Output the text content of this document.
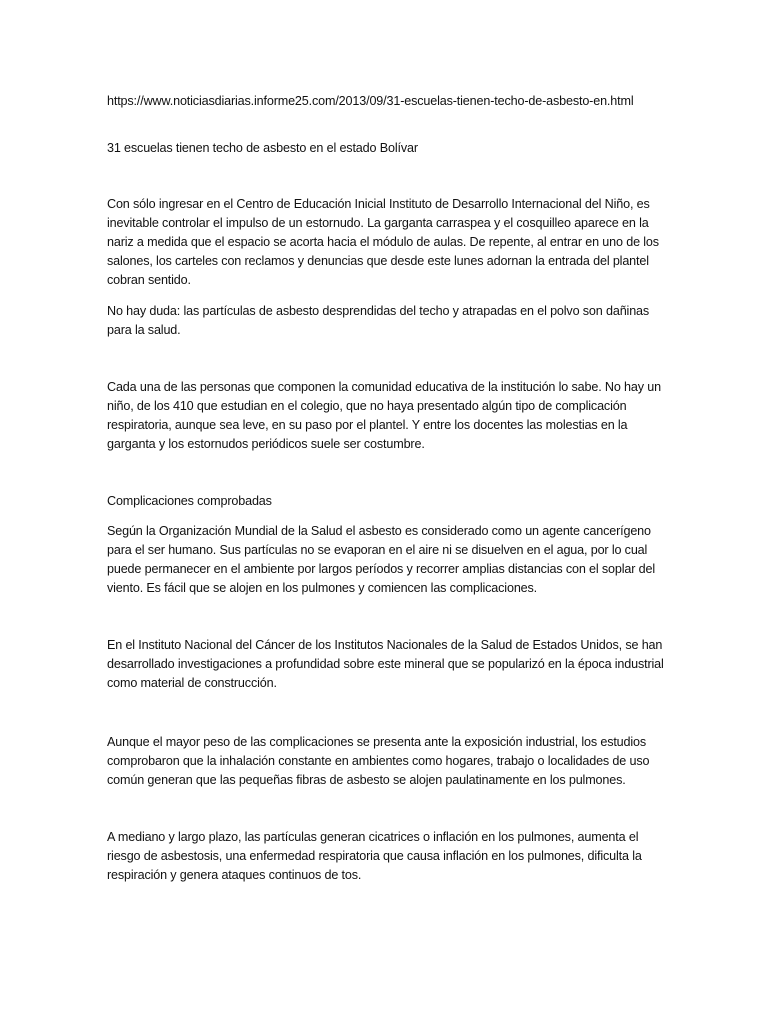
https://www.noticiasdiarias.informe25.com/2013/09/31-escuelas-tienen-techo-de-asbesto-en.html

31 escuelas tienen techo de asbesto en el estado Bolívar

Con sólo ingresar en el Centro de Educación Inicial Instituto de Desarrollo Internacional del Niño, es inevitable controlar el impulso de un estornudo. La garganta carraspea y el cosquilleo aparece en la nariz a medida que el espacio se acorta hacia el módulo de aulas. De repente, al entrar en uno de los salones, los carteles con reclamos y denuncias que desde este lunes adornan la entrada del plantel cobran sentido.

No hay duda: las partículas de asbesto desprendidas del techo y atrapadas en el polvo son dañinas para la salud.

Cada una de las personas que componen la comunidad educativa de la institución lo sabe. No hay un niño, de los 410 que estudian en el colegio, que no haya presentado algún tipo de complicación respiratoria, aunque sea leve, en su paso por el plantel. Y entre los docentes las molestias en la garganta y los estornudos periódicos suele ser costumbre.

Complicaciones comprobadas

Según la Organización Mundial de la Salud el asbesto es considerado como un agente cancerígeno para el ser humano. Sus partículas no se evaporan en el aire ni se disuelven en el agua, por lo cual puede permanecer en el ambiente por largos períodos y recorrer amplias distancias con el soplar del viento. Es fácil que se alojen en los pulmones y comiencen las complicaciones.

En el Instituto Nacional del Cáncer de los Institutos Nacionales de la Salud de Estados Unidos, se han desarrollado investigaciones a profundidad sobre este mineral que se popularizó en la época industrial como material de construcción.

Aunque el mayor peso de las complicaciones se presenta ante la exposición industrial, los estudios comprobaron que la inhalación constante en ambientes como hogares, trabajo o localidades de uso común generan que las pequeñas fibras de asbesto se alojen paulatinamente en los pulmones.

A mediano y largo plazo, las partículas generan cicatrices o inflación en los pulmones, aumenta el riesgo de asbestosis, una enfermedad respiratoria que causa inflación en los pulmones, dificulta la respiración y genera ataques continuos de tos.
